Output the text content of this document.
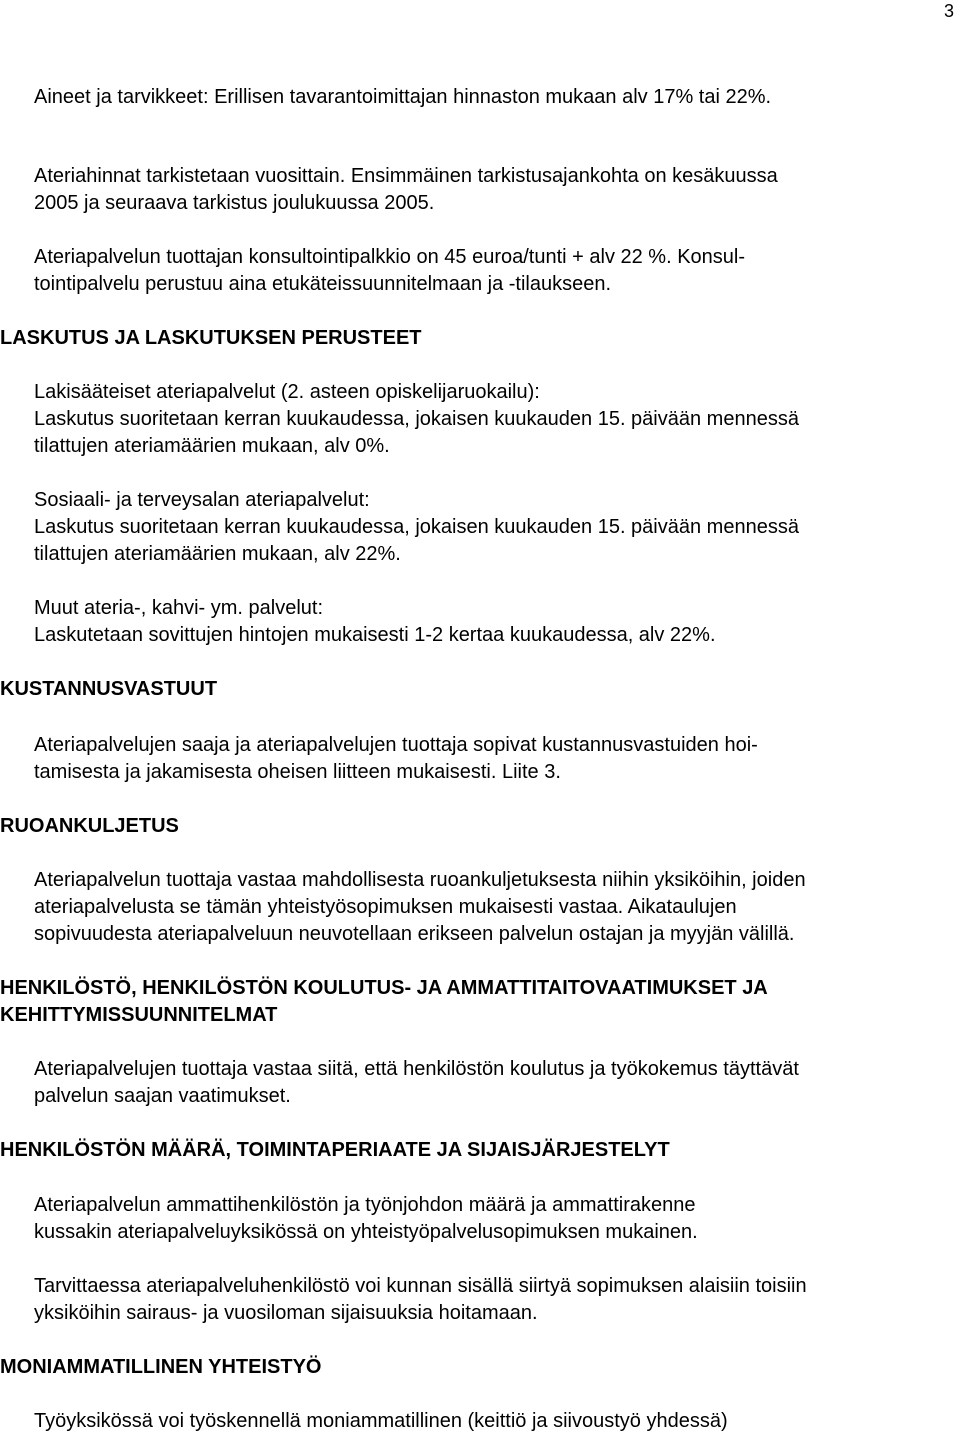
3
Aineet ja tarvikkeet: Erillisen tavarantoimittajan hinnaston mukaan alv 17% tai 22%.
Ateriahinnat tarkistetaan vuosittain. Ensimmäinen tarkistusajankohta on kesäkuussa
2005 ja seuraava tarkistus joulukuussa 2005.
Ateriapalvelun tuottajan konsultointipalkkio on 45 euroa/tunti + alv 22 %. Konsul-
tointipalvelu perustuu aina etukäteissuunnitelmaan ja -tilaukseen.
LASKUTUS JA LASKUTUKSEN PERUSTEET
Lakisääteiset ateriapalvelut (2. asteen opiskelijaruokailu):
Laskutus suoritetaan kerran kuukaudessa, jokaisen kuukauden 15. päivään mennessä
tilattujen ateriamäärien mukaan, alv 0%.
Sosiaali- ja terveysalan ateriapalvelut:
Laskutus suoritetaan kerran kuukaudessa, jokaisen kuukauden 15. päivään mennessä
tilattujen ateriamäärien mukaan, alv 22%.
Muut ateria-, kahvi- ym. palvelut:
Laskutetaan sovittujen hintojen mukaisesti 1-2 kertaa kuukaudessa, alv 22%.
KUSTANNUSVASTUUT
Ateriapalvelujen saaja ja ateriapalvelujen tuottaja sopivat kustannusvastuiden hoi-
tamisesta ja jakamisesta oheisen liitteen mukaisesti. Liite 3.
RUOANKULJETUS
Ateriapalvelun tuottaja vastaa mahdollisesta ruoankuljetuksesta niihin yksiköihin, joiden
ateriapalvelusta se tämän yhteistyösopimuksen mukaisesti vastaa. Aikataulujen
sopivuudesta ateriapalveluun neuvotellaan erikseen palvelun ostajan ja myyjän välillä.
HENKILÖSTÖ, HENKILÖSTÖN KOULUTUS- JA AMMATTITAITOVAATIMUKSET JA
KEHITTYMISSUUNNITELMAT
Ateriapalvelujen tuottaja vastaa siitä, että henkilöstön koulutus ja työkokemus täyttävät
palvelun saajan vaatimukset.
HENKILÖSTÖN MÄÄRÄ, TOIMINTAPERIAATE JA SIJAISJÄRJESTELYT
Ateriapalvelun ammattihenkilöstön ja työnjohdon määrä ja ammattirakenne
kussakin ateriapalveluyksikössä on yhteistyöpalvelusopimuksen mukainen.
Tarvittaessa ateriapalveluhenkilöstö voi kunnan sisällä siirtyä sopimuksen alaisiin toisiin
yksiköihin sairaus- ja vuosiloman sijaisuuksia hoitamaan.
MONIAMMATILLINEN YHTEISTYÖ
Työyksikössä voi työskennellä moniammatillinen (keittiö ja siivoustyö yhdessä)
